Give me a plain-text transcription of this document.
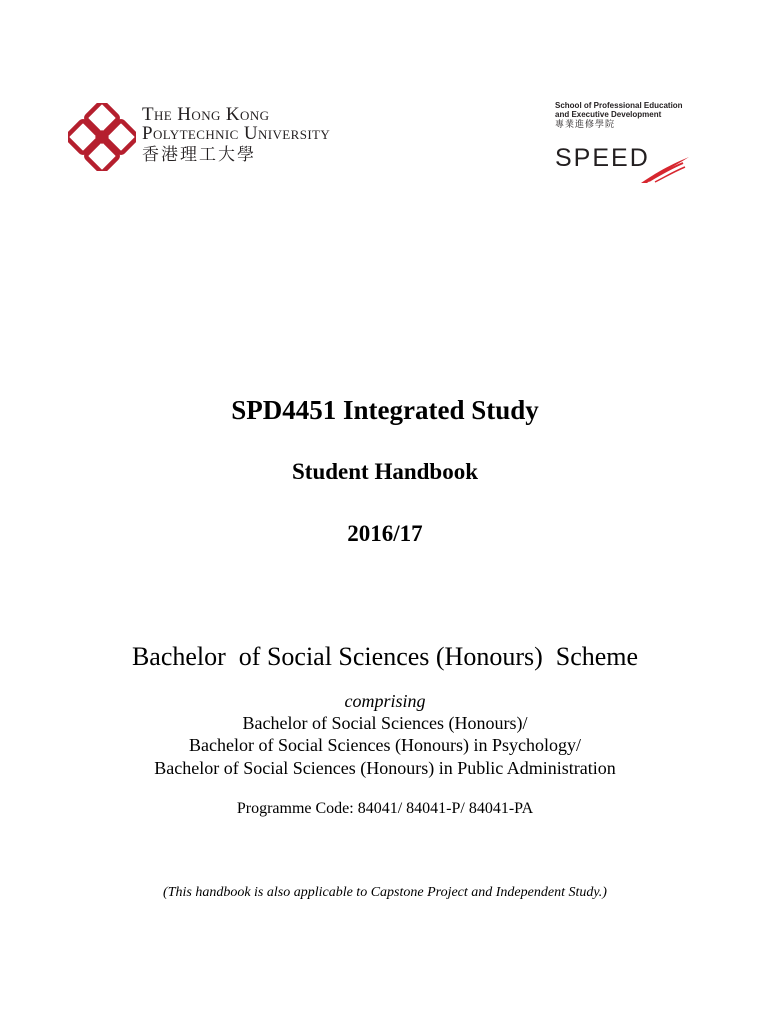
The Hong Kong
Polytechnic University
香港理工大學
School of Professional Education
and Executive Development
專業進修學院
SPEED
SPD4451 Integrated Study
Student Handbook
2016/17
Bachelor  of Social Sciences (Honours)  Scheme
comprising
Bachelor of Social Sciences (Honours)/
Bachelor of Social Sciences (Honours) in Psychology/
Bachelor of Social Sciences (Honours) in Public Administration
Programme Code: 84041/ 84041-P/ 84041-PA
(This handbook is also applicable to Capstone Project and Independent Study.)
